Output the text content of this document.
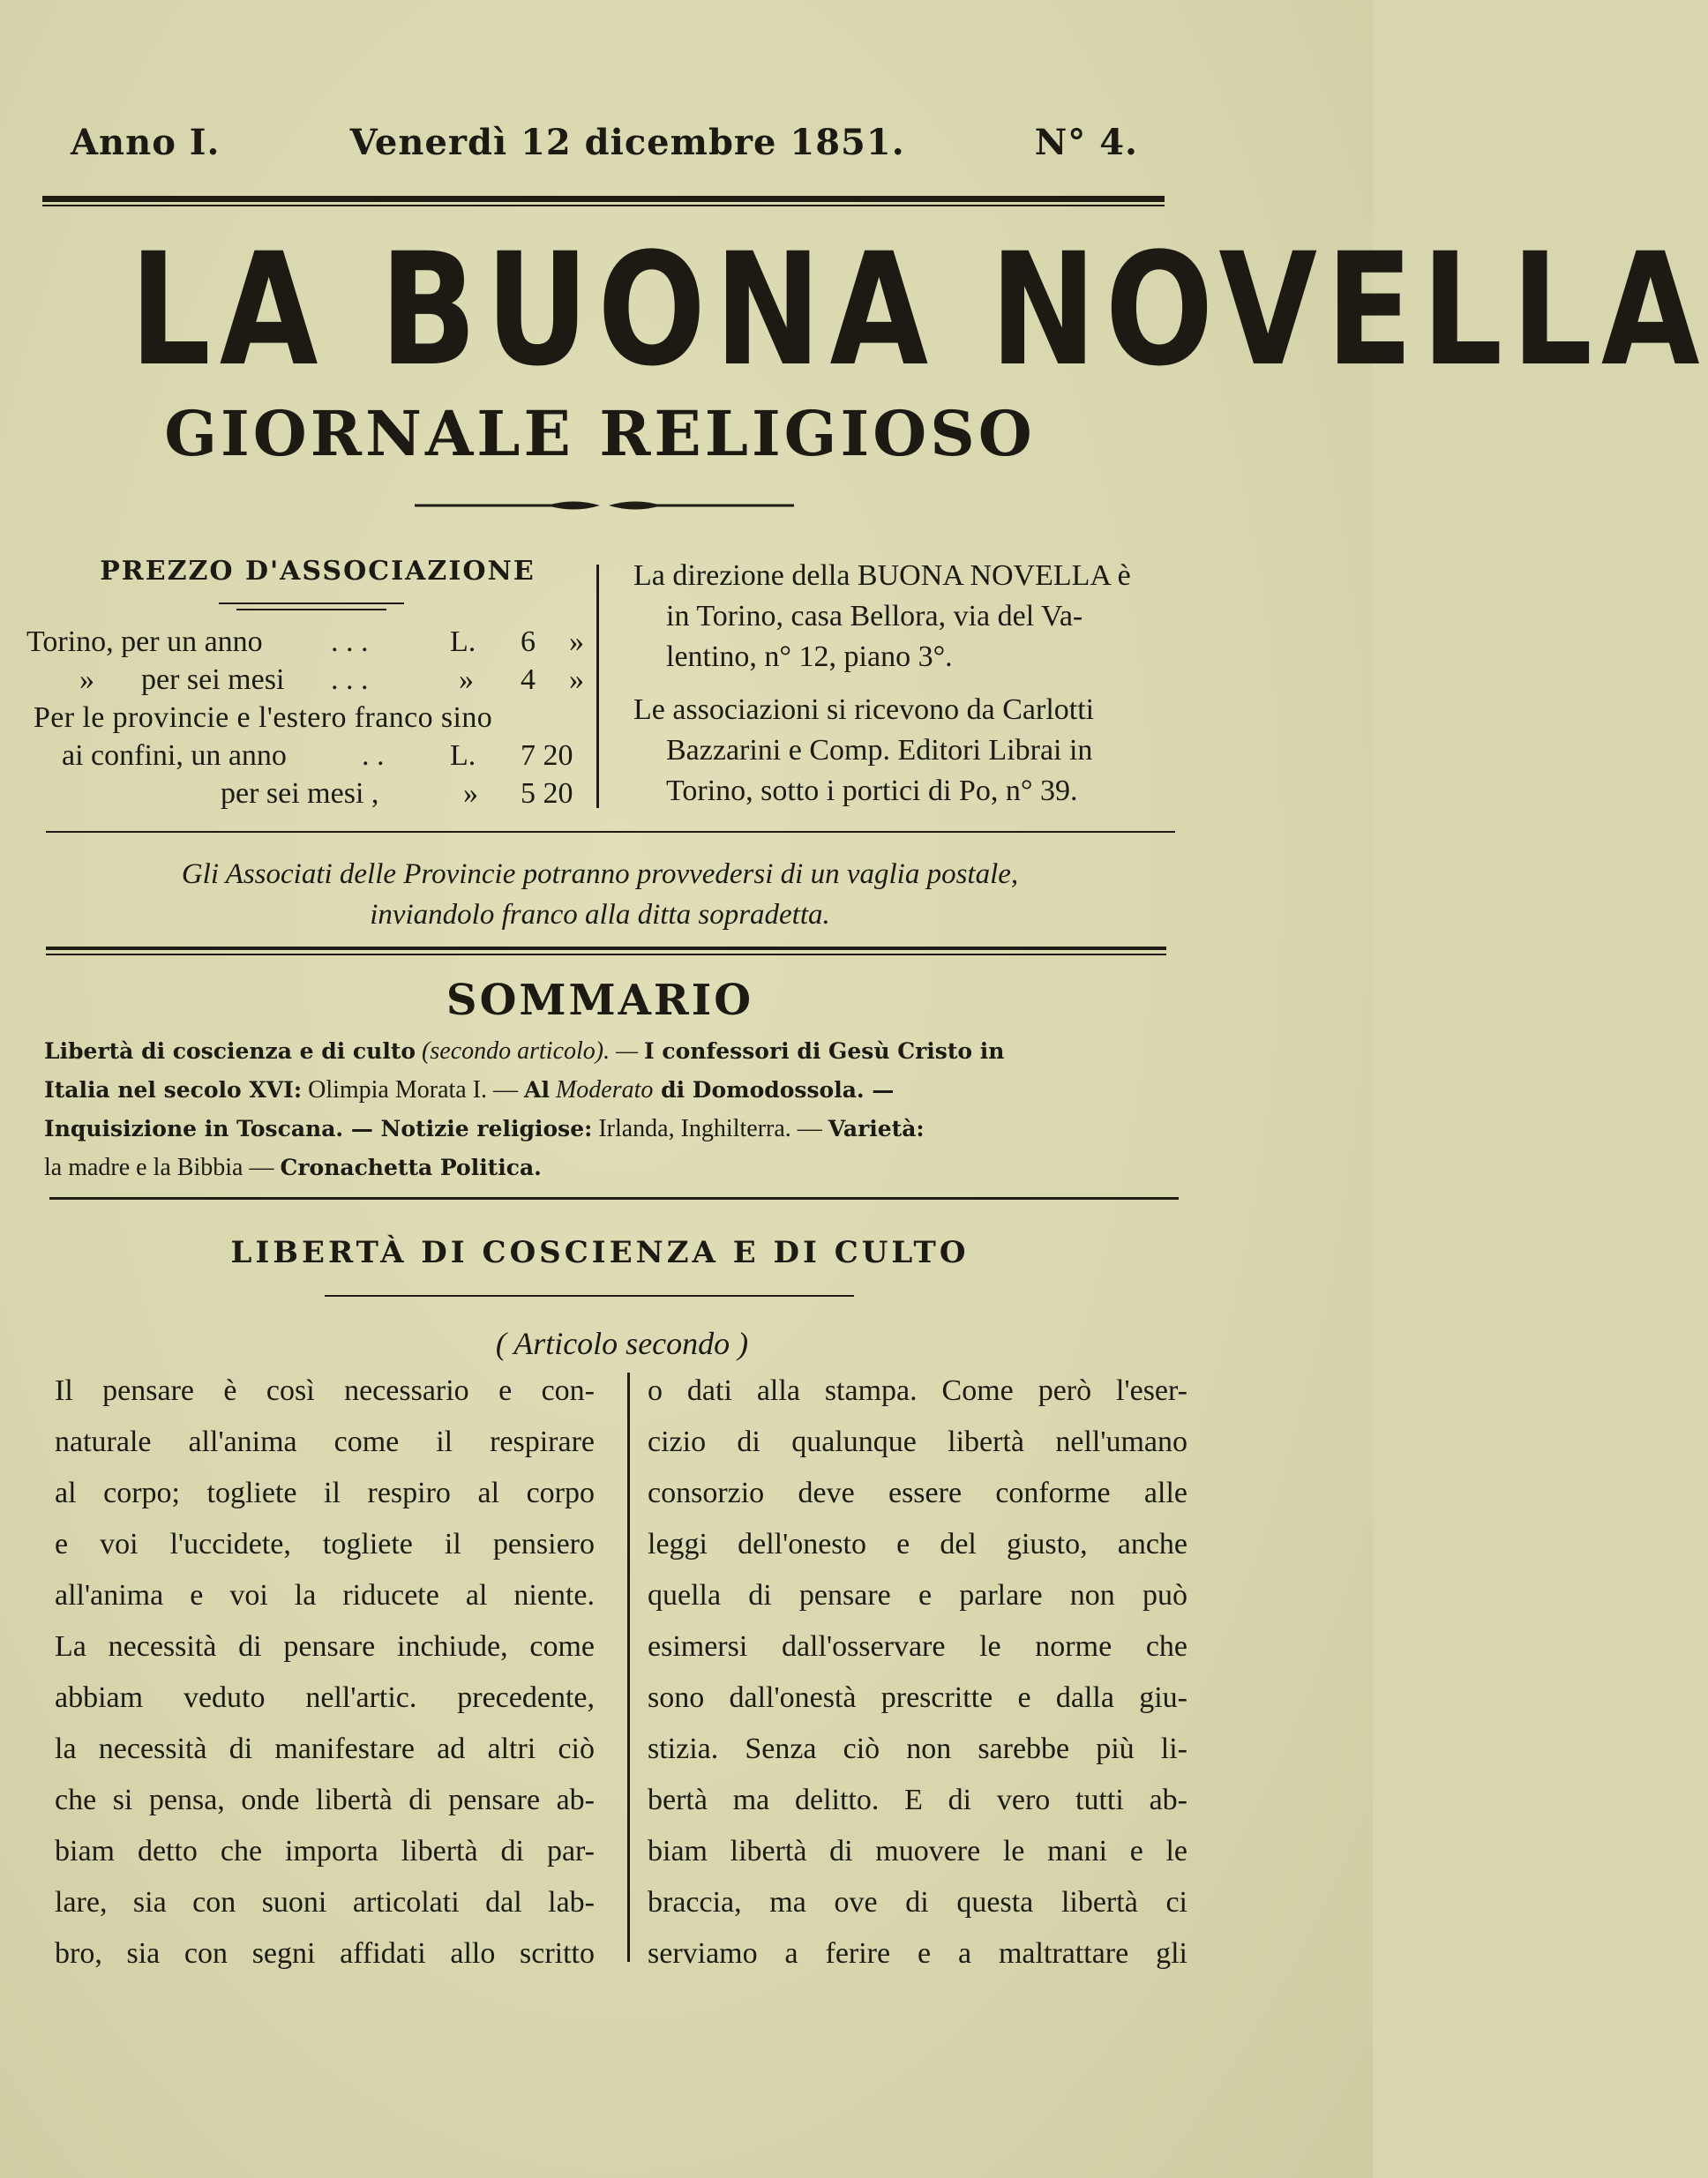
Anno I.	Venerdì 12 dicembre 1851.	N° 4.
LA BUONA NOVELLA
GIORNALE RELIGIOSO
PREZZO D'ASSOCIAZIONE
Torino, per un anno . . .	L. 6 »
» per sei mesi . . .	» 4 »
Per le provincie e l'estero franco sino
ai confini, un anno	. . L. 7 20
per sei mesi ,	» 5 20
La direzione della BUONA NOVELLA è
in Torino, casa Bellora, via del Va-
lentino, n° 12, piano 3°.
Le associazioni si ricevono da Carlotti
Bazzarini e Comp. Editori Librai in
Torino, sotto i portici di Po, n° 39.
Gli Associati delle Provincie potranno provvedersi di un vaglia postale,
inviandolo franco alla ditta sopradetta.
SOMMARIO
Libertà di coscienza e di culto (secondo articolo). — I confessori di Gesù Cristo in
Italia nel secolo XVI: Olimpia Morata I. — Al Moderato di Domodossola. —
Inquisizione in Toscana. — Notizie religiose: Irlanda, Inghilterra. — Varietà:
la madre e la Bibbia — Cronachetta Politica.
LIBERTÀ DI COSCIENZA E DI CULTO
( Articolo secondo )
Il pensare è così necessario e con-
naturale all'anima come il respirare
al corpo; togliete il respiro al corpo
e voi l'uccidete, togliete il pensiero
all'anima e voi la riducete al niente.
La necessità di pensare inchiude, come
abbiam veduto nell'artic. precedente,
la necessità di manifestare ad altri ciò
che si pensa, onde libertà di pensare ab-
biam detto che importa libertà di par-
lare, sia con suoni articolati dal lab-
bro, sia con segni affidati allo scritto
o dati alla stampa. Come però l'eser-
cizio di qualunque libertà nell'umano
consorzio deve essere conforme alle
leggi dell'onesto e del giusto, anche
quella di pensare e parlare non può
esimersi dall'osservare le norme che
sono dall'onestà prescritte e dalla giu-
stizia. Senza ciò non sarebbe più li-
bertà ma delitto. E di vero tutti ab-
biam libertà di muovere le mani e le
braccia, ma ove di questa libertà ci
serviamo a ferire e a maltrattare gli
